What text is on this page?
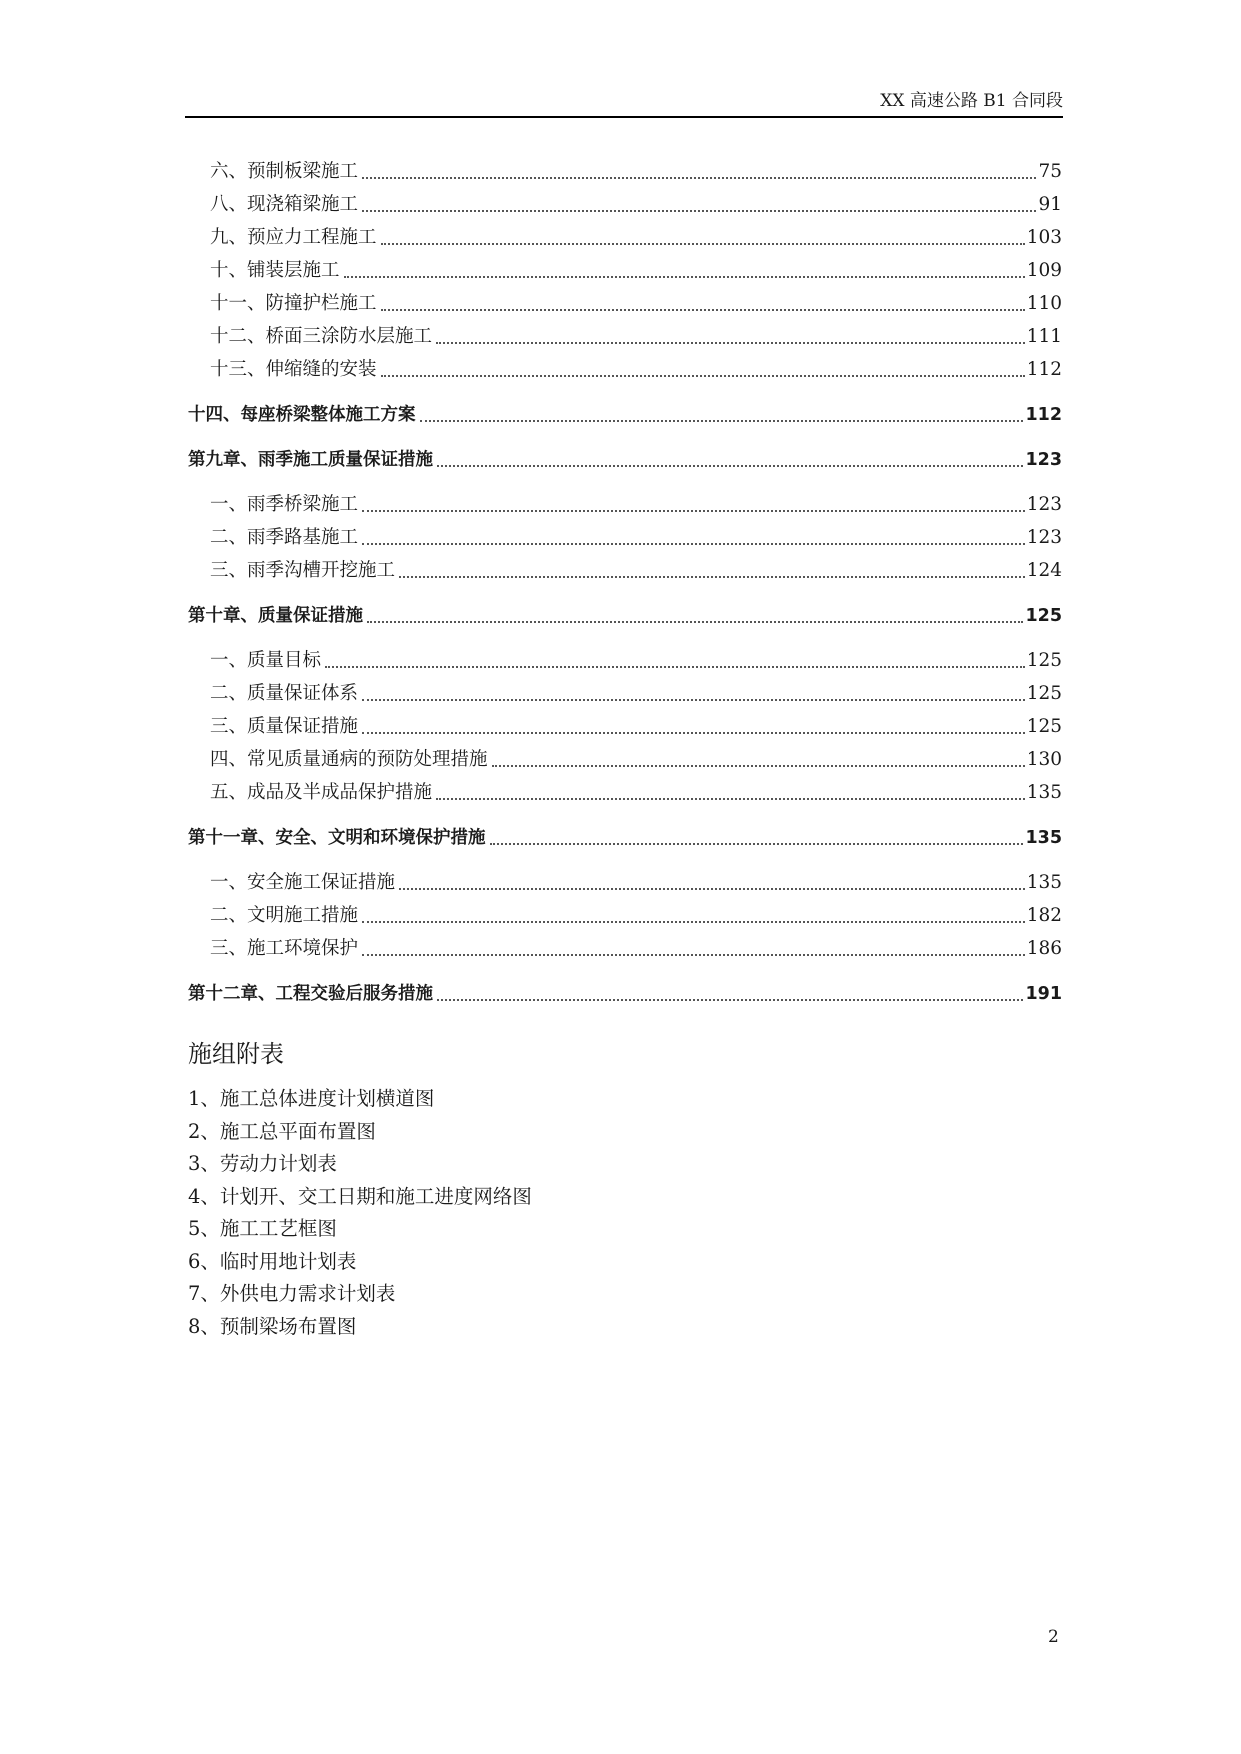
XX 高速公路 B1 合同段
六、预制板梁施工	75
八、现浇箱梁施工	91
九、预应力工程施工	103
十、铺装层施工	109
十一、防撞护栏施工	110
十二、桥面三涂防水层施工	111
十三、伸缩缝的安装	112
十四、每座桥梁整体施工方案	112
第九章、雨季施工质量保证措施	123
一、雨季桥梁施工	123
二、雨季路基施工	123
三、雨季沟槽开挖施工	124
第十章、质量保证措施	125
一、质量目标	125
二、质量保证体系	125
三、质量保证措施	125
四、常见质量通病的预防处理措施	130
五、成品及半成品保护措施	135
第十一章、安全、文明和环境保护措施	135
一、安全施工保证措施	135
二、文明施工措施	182
三、施工环境保护	186
第十二章、工程交验后服务措施	191
施组附表
1、施工总体进度计划横道图
2、施工总平面布置图
3、劳动力计划表
4、计划开、交工日期和施工进度网络图
5、施工工艺框图
6、临时用地计划表
7、外供电力需求计划表
8、预制梁场布置图
2
